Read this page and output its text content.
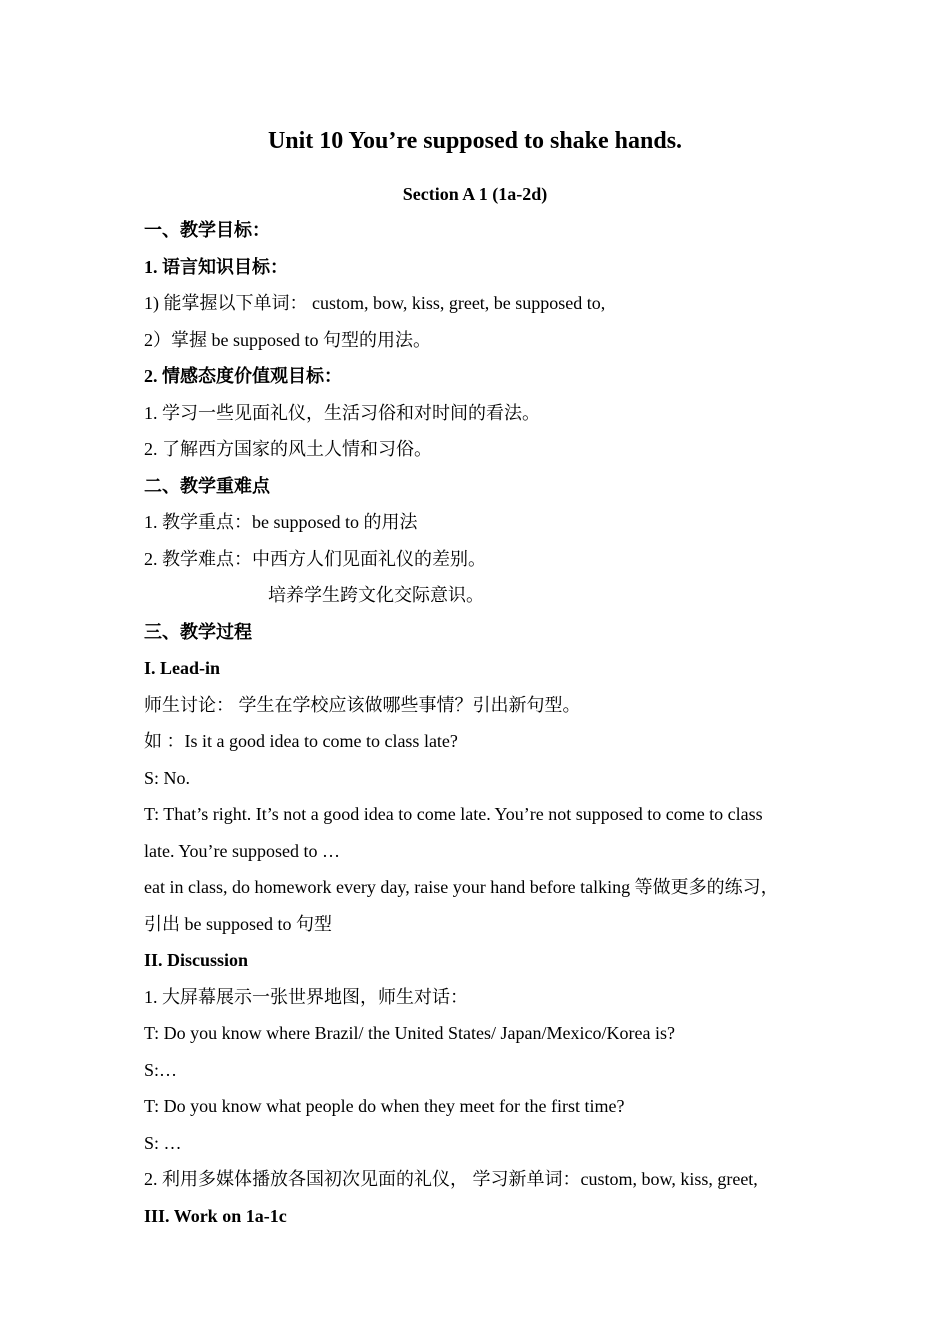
Unit 10 You’re supposed to shake hands.
Section A 1 (1a-2d)

一、教学目标：

1. 语言知识目标：

1) 能掌握以下单词： custom, bow, kiss, greet, be supposed to,

2）掌握 be supposed to 句型的用法。

2. 情感态度价值观目标：

1. 学习一些见面礼仪，生活习俗和对时间的看法。

2. 了解西方国家的风土人情和习俗。

二、教学重难点

1. 教学重点：be supposed to 的用法

2. 教学难点：中西方人们见面礼仪的差别。

培养学生跨文化交际意识。

三、教学过程

I. Lead-in

师生讨论： 学生在学校应该做哪些事情？引出新句型。

如 ：Is it a good idea to come to class late?

S: No.

T: That’s right. It’s not a good idea to come late. You’re not supposed to come to class

late. You’re supposed to …

eat in class, do homework every day, raise your hand before talking 等做更多的练习，

引出 be supposed to 句型

II. Discussion

1. 大屏幕展示一张世界地图，师生对话：

T: Do you know where Brazil/ the United States/ Japan/Mexico/Korea is?

S:…

T: Do you know what people do when they meet for the first time?

S: …

2. 利用多媒体播放各国初次见面的礼仪， 学习新单词：custom, bow, kiss, greet,

III. Work on 1a-1c
